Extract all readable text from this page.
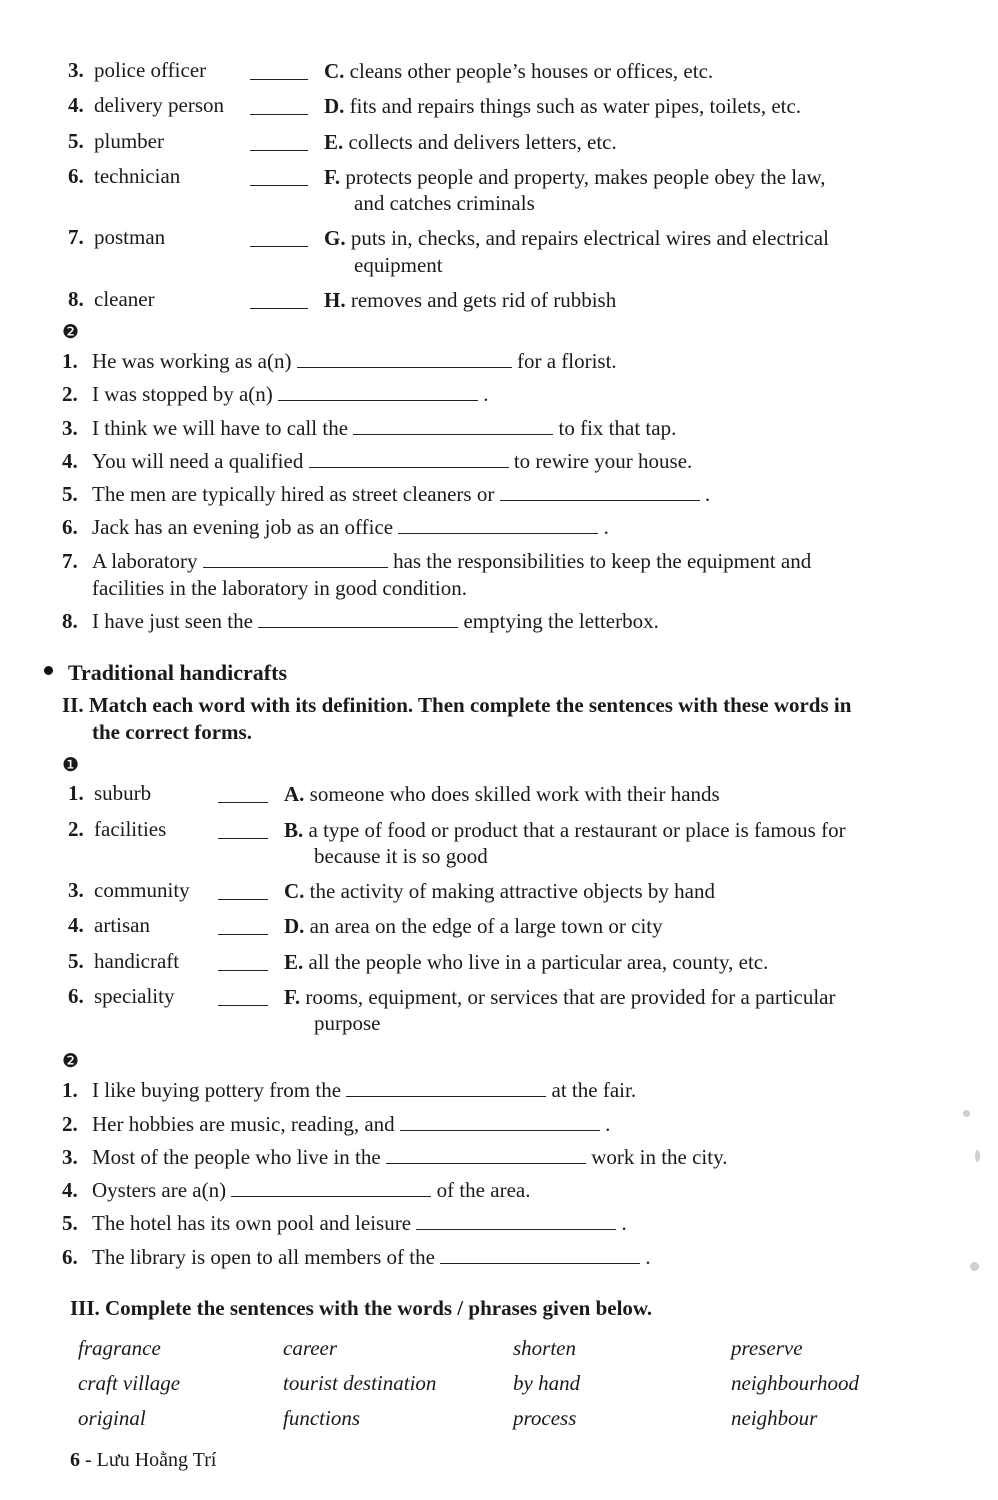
3. police officer	C. cleans other people’s houses or offices, etc.
4. delivery person	D. fits and repairs things such as water pipes, toilets, etc.
5. plumber	E. collects and delivers letters, etc.
6. technician	F. protects people and property, makes people obey the law,
and catches criminals
7. postman	G. puts in, checks, and repairs electrical wires and electrical
equipment
8. cleaner	H. removes and gets rid of rubbish
❷
1. He was working as a(n)	for a florist.
2. I was stopped by a(n)	.
3. I think we will have to call the	to fix that tap.
4. You will need a qualified	to rewire your house.
5. The men are typically hired as street cleaners or	.
6. Jack has an evening job as an office	.
7. A laboratory	has the responsibilities to keep the equipment and
facilities in the laboratory in good condition.
8. I have just seen the	emptying the letterbox.
Traditional handicrafts
II. Match each word with its definition. Then complete the sentences with these words in
the correct forms.
❶
1. suburb	A. someone who does skilled work with their hands
2. facilities	B. a type of food or product that a restaurant or place is famous for
because it is so good
3. community	C. the activity of making attractive objects by hand
4. artisan	D. an area on the edge of a large town or city
5. handicraft	E. all the people who live in a particular area, county, etc.
6. speciality	F. rooms, equipment, or services that are provided for a particular
purpose
❷
1. I like buying pottery from the	at the fair.
2. Her hobbies are music, reading, and	.
3. Most of the people who live in the	work in the city.
4. Oysters are a(n)	of the area.
5. The hotel has its own pool and leisure	.
6. The library is open to all members of the	.
III. Complete the sentences with the words / phrases given below.
fragrance	career	shorten	preserve
craft village	tourist destination	by hand	neighbourhood
original	functions	process	neighbour
6 - Lưu Hoằng Trí
